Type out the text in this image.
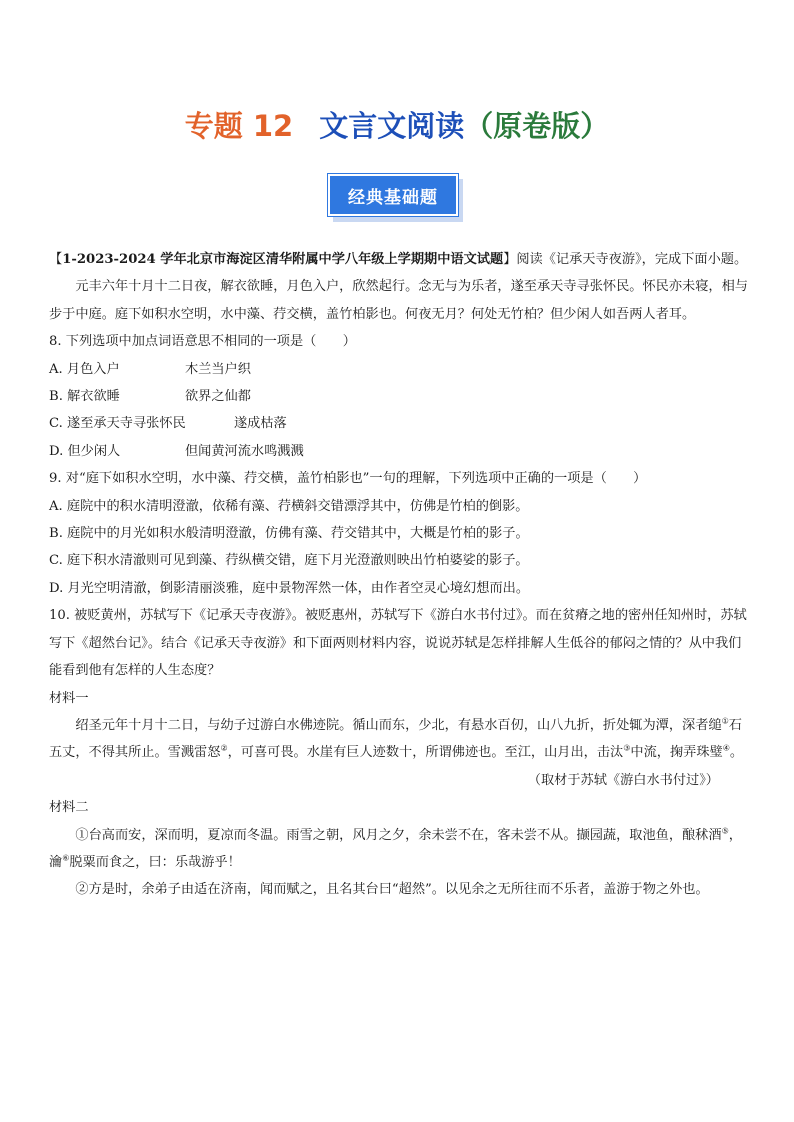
专题 12 文言文阅读（原卷版）
经典基础题

【1-2023-2024 学年北京市海淀区清华附属中学八年级上学期期中语文试题】阅读《记承天寺夜游》，完成下面小题。

元丰六年十月十二日夜，解衣欲睡，月色入户，欣然起行。念无与为乐者，遂至承天寺寻张怀民。怀民亦未寝，相与步于中庭。庭下如积水空明，水中藻、荇交横，盖竹柏影也。何夜无月？何处无竹柏？但少闲人如吾两人者耳。

8. 下列选项中加点词语意思不相同的一项是（　　）

A. 月色入户	木兰当户织
B. 解衣欲睡	欲界之仙都
C. 遂至承天寺寻张怀民	遂成枯落
D. 但少闲人	但闻黄河流水鸣溅溅

9. 对“庭下如积水空明，水中藻、荇交横，盖竹柏影也”一句的理解，下列选项中正确的一项是（　　）

A. 庭院中的积水清明澄澈，依稀有藻、荇横斜交错漂浮其中，仿佛是竹柏的倒影。

B. 庭院中的月光如积水般清明澄澈，仿佛有藻、荇交错其中，大概是竹柏的影子。

C. 庭下积水清澈则可见到藻、荇纵横交错，庭下月光澄澈则映出竹柏婆娑的影子。

D. 月光空明清澈，倒影清丽淡雅，庭中景物浑然一体，由作者空灵心境幻想而出。

10. 被贬黄州，苏轼写下《记承天寺夜游》。被贬惠州，苏轼写下《游白水书付过》。而在贫瘠之地的密州任知州时，苏轼写下《超然台记》。结合《记承天寺夜游》和下面两则材料内容，说说苏轼是怎样排解人生低谷的郁闷之情的？从中我们能看到他有怎样的人生态度？

材料一

绍圣元年十月十二日，与幼子过游白水佛迹院。循山而东，少北，有悬水百仞，山八九折，折处辄为潭，深者缒①石五丈，不得其所止。雪溅雷怒②，可喜可畏。水崖有巨人迹数十，所谓佛迹也。至江，山月出，击汰③中流，掬弄珠璧④。

（取材于苏轼《游白水书付过》）

材料二

①台高而安，深而明，夏凉而冬温。雨雪之朝，风月之夕，余未尝不在，客未尝不从。撷园蔬，取池鱼，酿秫酒⑤，瀹⑥脱粟而食之，曰：乐哉游乎！

②方是时，余弟子由适在济南，闻而赋之，且名其台曰“超然”。以见余之无所往而不乐者，盖游于物之外也。
